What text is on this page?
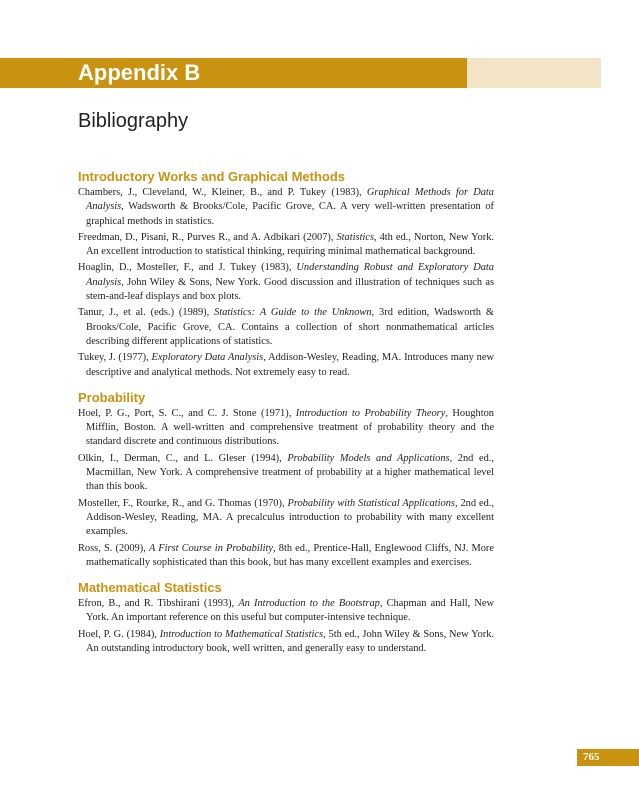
Appendix B
Bibliography
Introductory Works and Graphical Methods

Chambers, J., Cleveland, W., Kleiner, B., and P. Tukey (1983), Graphical Methods for Data Analysis, Wadsworth & Brooks/Cole, Pacific Grove, CA. A very well-written presentation of graphical methods in statistics.

Freedman, D., Pisani, R., Purves R., and A. Adbikari (2007), Statistics, 4th ed., Norton, New York. An excellent introduction to statistical thinking, requiring minimal mathematical background.

Hoaglin, D., Mosteller, F., and J. Tukey (1983), Understanding Robust and Exploratory Data Analysis, John Wiley & Sons, New York. Good discussion and illustration of techniques such as stem-and-leaf displays and box plots.

Tanur, J., et al. (eds.) (1989), Statistics: A Guide to the Unknown, 3rd edition, Wadsworth & Brooks/Cole, Pacific Grove, CA. Contains a collection of short nonmathematical articles describing different applications of statistics.

Tukey, J. (1977), Exploratory Data Analysis, Addison-Wesley, Reading, MA. Introduces many new descriptive and analytical methods. Not extremely easy to read.

Probability

Hoel, P. G., Port, S. C., and C. J. Stone (1971), Introduction to Probability Theory, Houghton Mifflin, Boston. A well-written and comprehensive treatment of probability theory and the standard discrete and continuous distributions.

Olkin, I., Derman, C., and L. Gleser (1994), Probability Models and Applications, 2nd ed., Macmillan, New York. A comprehensive treatment of probability at a higher mathematical level than this book.

Mosteller, F., Rourke, R., and G. Thomas (1970), Probability with Statistical Applications, 2nd ed., Addison-Wesley, Reading, MA. A precalculus introduction to probability with many excellent examples.

Ross, S. (2009), A First Course in Probability, 8th ed., Prentice-Hall, Englewood Cliffs, NJ. More mathematically sophisticated than this book, but has many excellent examples and exercises.

Mathematical Statistics

Efron, B., and R. Tibshirani (1993), An Introduction to the Bootstrap, Chapman and Hall, New York. An important reference on this useful but computer-intensive technique.

Hoel, P. G. (1984), Introduction to Mathematical Statistics, 5th ed., John Wiley & Sons, New York. An outstanding introductory book, well written, and generally easy to understand.

765
